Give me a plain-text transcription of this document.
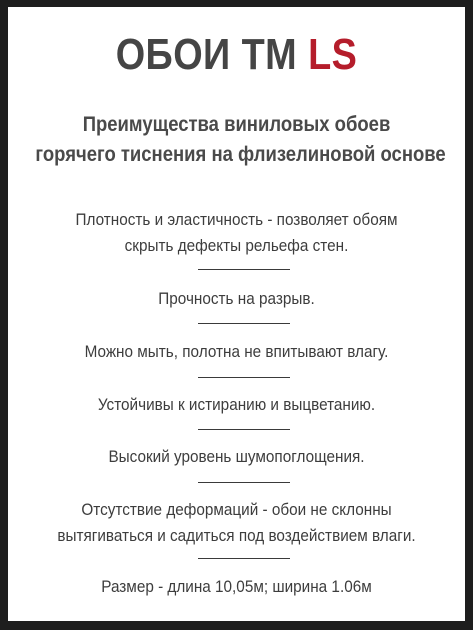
ОБОИ ТМ LS
Преимущества виниловых обоев
горячего тиснения на флизелиновой основе
Плотность и эластичность - позволяет обоям
скрыть дефекты рельефа стен.
Прочность на разрыв.
Можно мыть, полотна не впитывают влагу.
Устойчивы к истиранию и выцветанию.
Высокий уровень шумопоглощения.
Отсутствие деформаций - обои не склонны
вытягиваться и садиться под воздействием влаги.
Размер - длина 10,05м; ширина 1.06м
